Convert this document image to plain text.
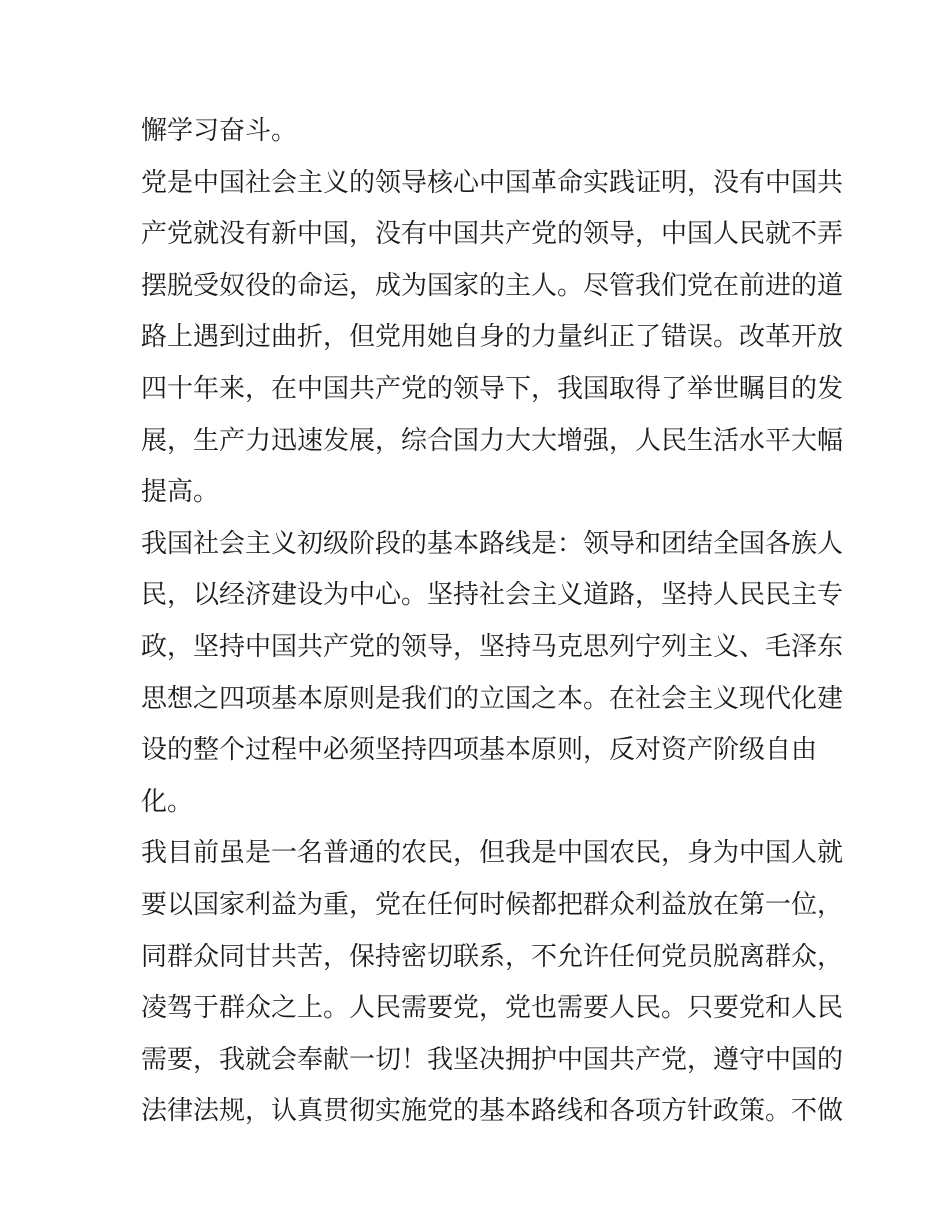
懈学习奋斗。
党是中国社会主义的领导核心中国革命实践证明，没有中国共
产党就没有新中国，没有中国共产党的领导，中国人民就不弄
摆脱受奴役的命运，成为国家的主人。尽管我们党在前进的道
路上遇到过曲折，但党用她自身的力量纠正了错误。改革开放
四十年来，在中国共产党的领导下，我国取得了举世瞩目的发
展，生产力迅速发展，综合国力大大增强，人民生活水平大幅
提高。
我国社会主义初级阶段的基本路线是：领导和团结全国各族人
民，以经济建设为中心。坚持社会主义道路，坚持人民民主专
政，坚持中国共产党的领导，坚持马克思列宁列主义、毛泽东
思想之四项基本原则是我们的立国之本。在社会主义现代化建
设的整个过程中必须坚持四项基本原则，反对资产阶级自由
化。
我目前虽是一名普通的农民，但我是中国农民，身为中国人就
要以国家利益为重，党在任何时候都把群众利益放在第一位，
同群众同甘共苦，保持密切联系，不允许任何党员脱离群众，
凌驾于群众之上。人民需要党，党也需要人民。只要党和人民
需要，我就会奉献一切！我坚决拥护中国共产党，遵守中国的
法律法规，认真贯彻实施党的基本路线和各项方针政策。不做
